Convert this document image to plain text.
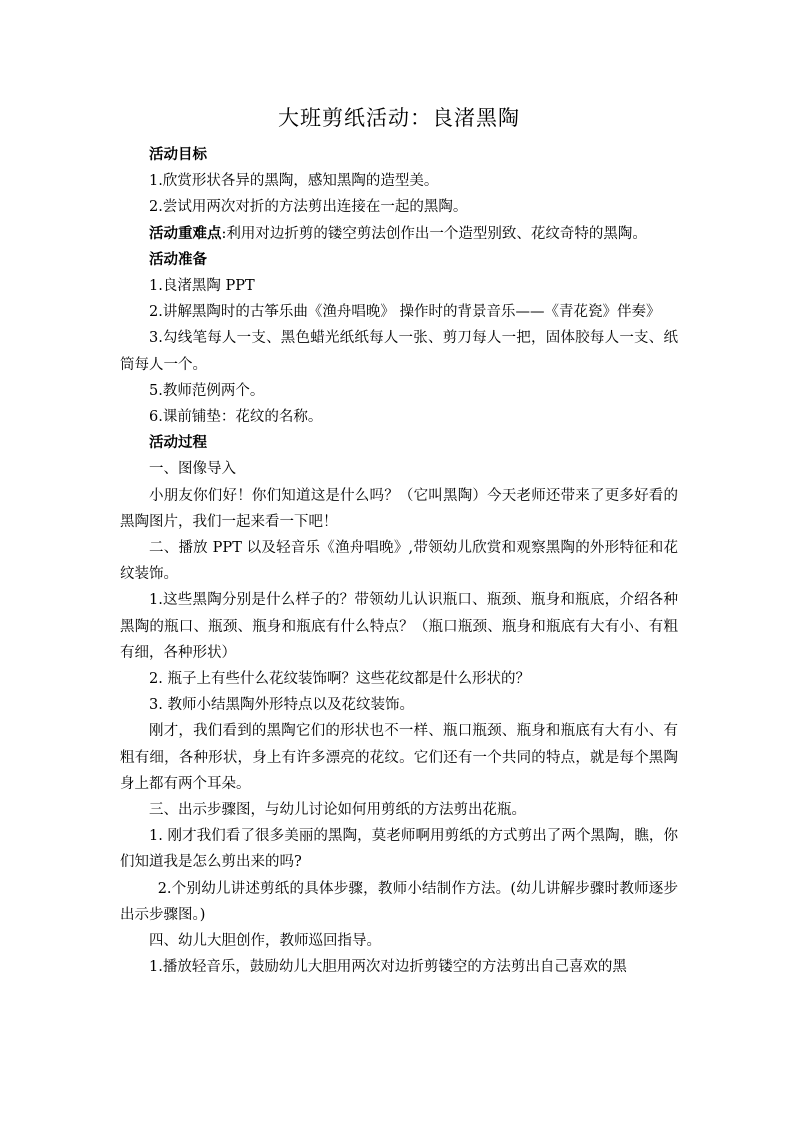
大班剪纸活动：良渚黑陶

活动目标

1.欣赏形状各异的黑陶，感知黑陶的造型美。

2.尝试用两次对折的方法剪出连接在一起的黑陶。

活动重难点:利用对边折剪的镂空剪法创作出一个造型别致、花纹奇特的黑陶。

活动准备

1.良渚黑陶 PPT

2.讲解黑陶时的古筝乐曲《渔舟唱晚》 操作时的背景音乐——《青花瓷》伴奏》

3.勾线笔每人一支、黑色蜡光纸纸每人一张、剪刀每人一把，固体胶每人一支、纸筒每人一个。

5.教师范例两个。

6.课前铺垫：花纹的名称。

活动过程

一、图像导入

小朋友你们好！你们知道这是什么吗？（它叫黑陶）今天老师还带来了更多好看的黑陶图片，我们一起来看一下吧！

二、播放 PPT 以及轻音乐《渔舟唱晚》,带领幼儿欣赏和观察黑陶的外形特征和花纹装饰。

1.这些黑陶分别是什么样子的？带领幼儿认识瓶口、瓶颈、瓶身和瓶底，介绍各种黑陶的瓶口、瓶颈、瓶身和瓶底有什么特点？（瓶口瓶颈、瓶身和瓶底有大有小、有粗有细，各种形状）

2. 瓶子上有些什么花纹装饰啊？这些花纹都是什么形状的？

3. 教师小结黑陶外形特点以及花纹装饰。

刚才，我们看到的黑陶它们的形状也不一样、瓶口瓶颈、瓶身和瓶底有大有小、有粗有细，各种形状，身上有许多漂亮的花纹。它们还有一个共同的特点，就是每个黑陶身上都有两个耳朵。

三、出示步骤图，与幼儿讨论如何用剪纸的方法剪出花瓶。

1. 刚才我们看了很多美丽的黑陶，莫老师啊用剪纸的方式剪出了两个黑陶，瞧，你们知道我是怎么剪出来的吗?

2.个别幼儿讲述剪纸的具体步骤，教师小结制作方法。(幼儿讲解步骤时教师逐步出示步骤图。)

四、幼儿大胆创作，教师巡回指导。

1.播放轻音乐，鼓励幼儿大胆用两次对边折剪镂空的方法剪出自己喜欢的黑
